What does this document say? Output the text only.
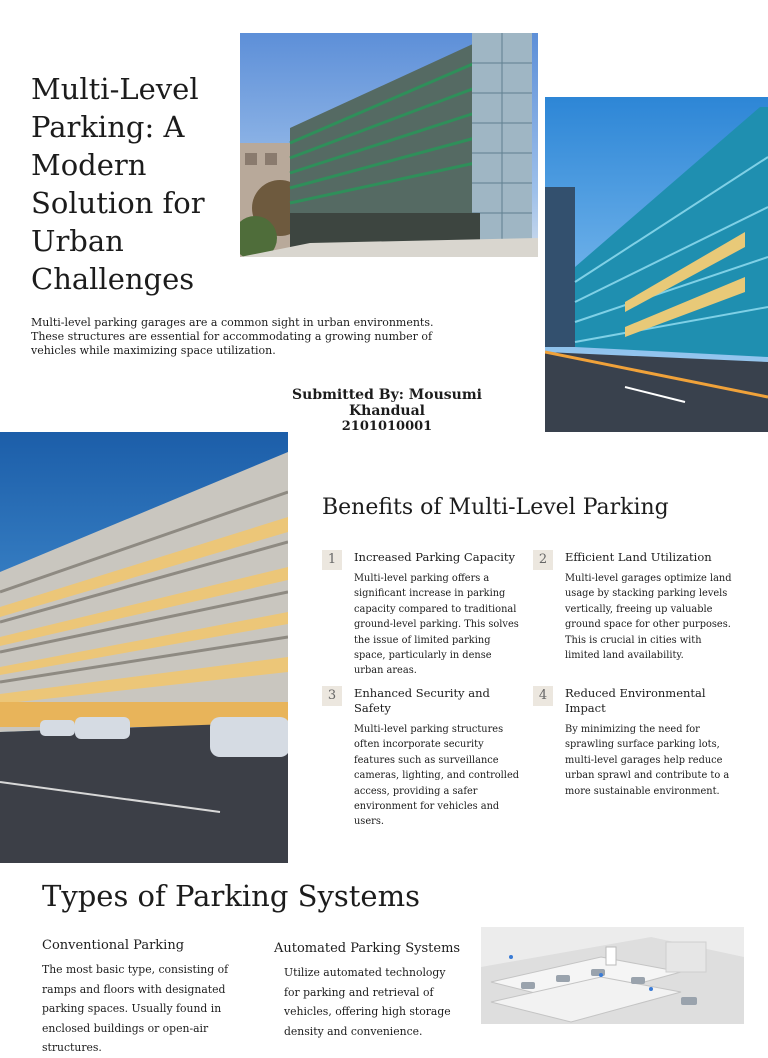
Multi-Level Parking: A Modern Solution for Urban Challenges

Multi-level parking garages are a common sight in urban environments. These structures are essential for accommodating a growing number of vehicles while maximizing space utilization.

Submitted By: Mousumi Khandual
2101010001

Benefits of Multi-Level Parking
1	Increased Parking Capacity

Multi-level parking offers a significant increase in parking capacity compared to traditional ground-level parking. This solves the issue of limited parking space, particularly in dense urban areas.

2	Efficient Land Utilization

Multi-level garages optimize land usage by stacking parking levels vertically, freeing up valuable ground space for other purposes. This is crucial in cities with limited land availability.

3	Enhanced Security and Safety

Multi-level parking structures often incorporate security features such as surveillance cameras, lighting, and controlled access, providing a safer environment for vehicles and users.

4	Reduced Environmental Impact

By minimizing the need for sprawling surface parking lots, multi-level garages help reduce urban sprawl and contribute to a more sustainable environment.

Types of Parking Systems
Conventional Parking

The most basic type, consisting of ramps and floors with designated parking spaces. Usually found in enclosed buildings or open-air structures.

Automated Parking Systems

Utilize automated technology for parking and retrieval of vehicles, offering high storage density and convenience.
